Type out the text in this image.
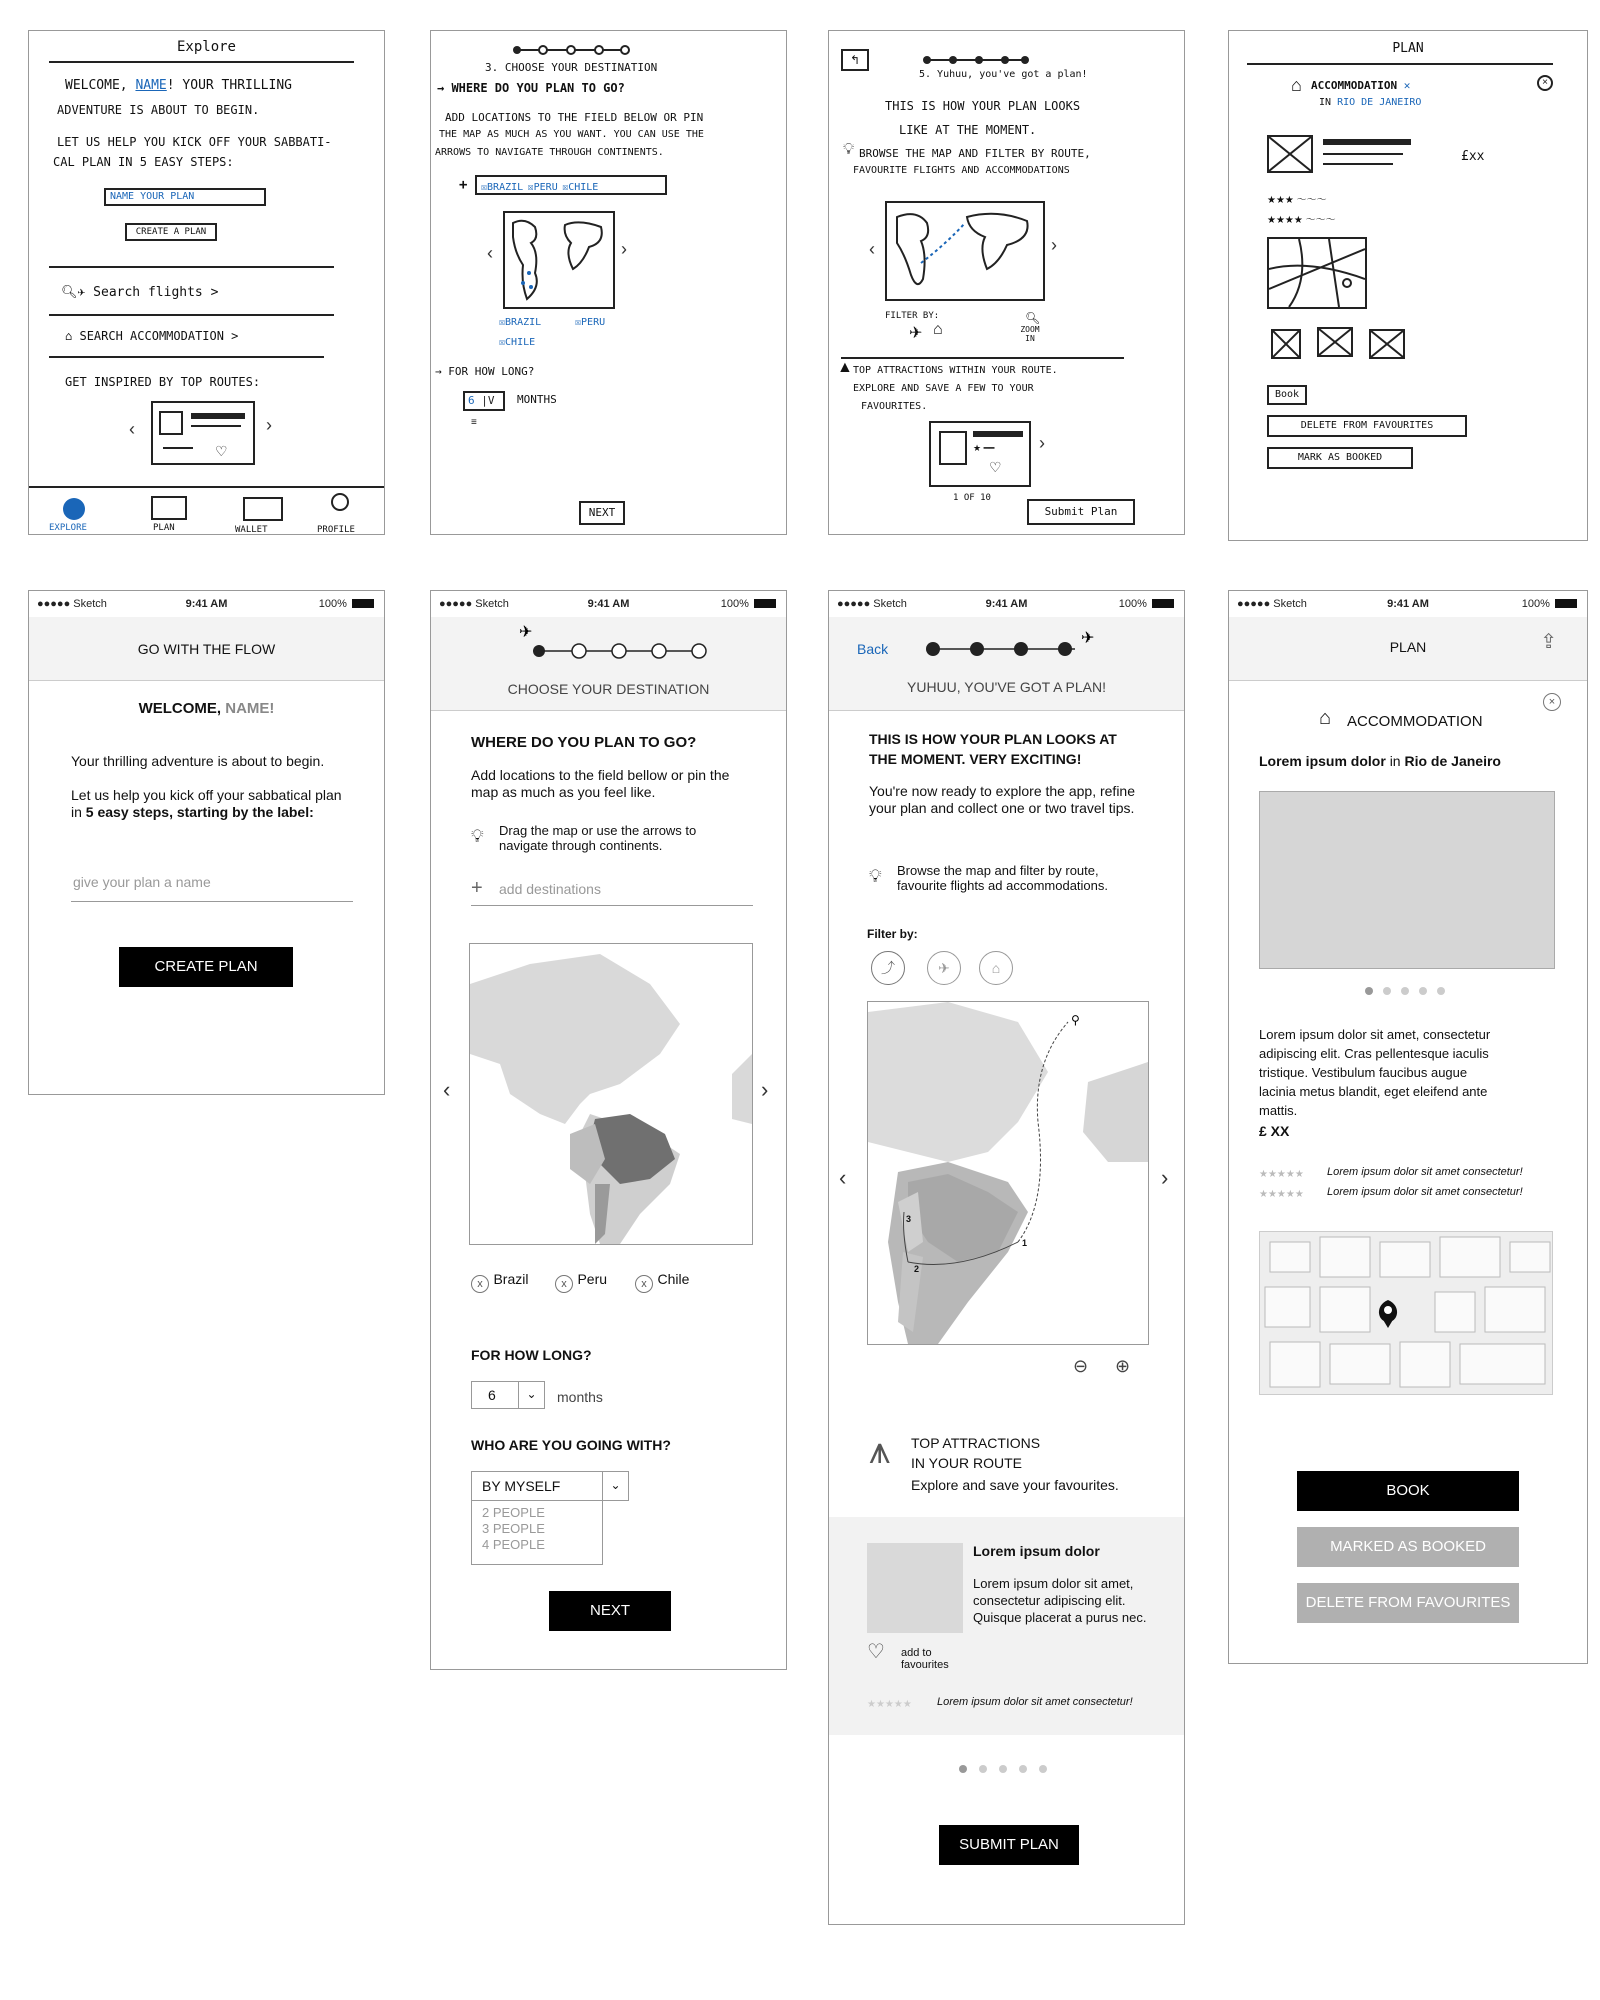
Explore
WELCOME, NAME! YOUR THRILLING
ADVENTURE IS ABOUT TO BEGIN.
LET US HELP YOU KICK OFF YOUR SABBATI-
CAL PLAN IN 5 EASY STEPS:
NAME YOUR PLAN
CREATE A PLAN
🔍︎✈ Search flights >
⌂ SEARCH ACCOMMODATION >
GET INSPIRED BY TOP ROUTES:
♡
‹	›
EXPLORE	PLAN	WALLET	PROFILE
3. CHOOSE YOUR DESTINATION
→ WHERE DO YOU PLAN TO GO?
ADD LOCATIONS TO THE FIELD BELOW OR PIN
THE MAP AS MUCH AS YOU WANT. YOU CAN USE THE
ARROWS TO NAVIGATE THROUGH CONTINENTS.
+	☒BRAZIL ☒PERU ☒CHILE
‹	›
☒BRAZIL	☒PERU
☒CHILE
→ FOR HOW LONG?
6 |V	MONTHS
≡
NEXT
↰
5. Yuhuu, you've got a plan!
THIS IS HOW YOUR PLAN LOOKS
LIKE AT THE MOMENT.
💡︎ BROWSE THE MAP AND FILTER BY ROUTE,
FAVOURITE FLIGHTS AND ACCOMMODATIONS
‹	›
FILTER BY:
✈ ⌂
🔍︎
ZOOM IN
▲ TOP ATTRACTIONS WITHIN YOUR ROUTE.
EXPLORE AND SAVE A FEW TO YOUR
FAVOURITES.
★ ━━
♡
›
1 OF 10
Submit Plan
PLAN
⌂ ACCOMMODATION ✕
IN RIO DE JANEIRO
×
£xx
★★★ 〜〜〜
★★★★ 〜〜〜
Book
DELETE FROM FAVOURITES
MARK AS BOOKED
●●●●● Sketch	9:41 AM	100%
GO WITH THE FLOW
WELCOME, NAME!
Your thrilling adventure is about to begin.
Let us help you kick off your sabbatical plan in 5 easy steps, starting by the label:
give your plan a name
CREATE PLAN
●●●●● Sketch	9:41 AM	100%
✈
CHOOSE YOUR DESTINATION
WHERE DO YOU PLAN TO GO?
Add locations to the field bellow or pin the map as much as you feel like.
💡︎ Drag the map or use the arrows to navigate through continents.
+ add destinations
‹	›
x Brazil	x Peru	x Chile
FOR HOW LONG?
6	⌄	months
WHO ARE YOU GOING WITH?
BY MYSELF	⌄
2 PEOPLE
3 PEOPLE
4 PEOPLE
NEXT
●●●●● Sketch	9:41 AM	100%
Back
✈
YUHUU, YOU'VE GOT A PLAN!
THIS IS HOW YOUR PLAN LOOKS AT
THE MOMENT. VERY EXCITING!
You're now ready to explore the app, refine your plan and collect one or two travel tips.
💡︎ Browse the map and filter by route, favourite flights ad accommodations.
Filter by:
⤴	✈	⌂
⚲
1
2
3
‹	›
⊖ ⊕
⩚ TOP ATTRACTIONS
IN YOUR ROUTE
Explore and save your favourites.
Lorem ipsum dolor
Lorem ipsum dolor sit amet, consectetur adipiscing elit. Quisque placerat a purus nec.
♡ add to favourites
★★★★★ Lorem ipsum dolor sit amet consectetur!
SUBMIT PLAN
●●●●● Sketch	9:41 AM	100%
PLAN	⇪
⌂ ACCOMMODATION
×
Lorem ipsum dolor in Rio de Janeiro
Lorem ipsum dolor sit amet, consectetur adipiscing elit. Cras pellentesque iaculis tristique. Vestibulum faucibus augue lacinia metus blandit, eget eleifend ante mattis.
£ XX
★★★★★ Lorem ipsum dolor sit amet consectetur!
★★★★★ Lorem ipsum dolor sit amet consectetur!
BOOK
MARKED AS BOOKED
DELETE FROM FAVOURITES
